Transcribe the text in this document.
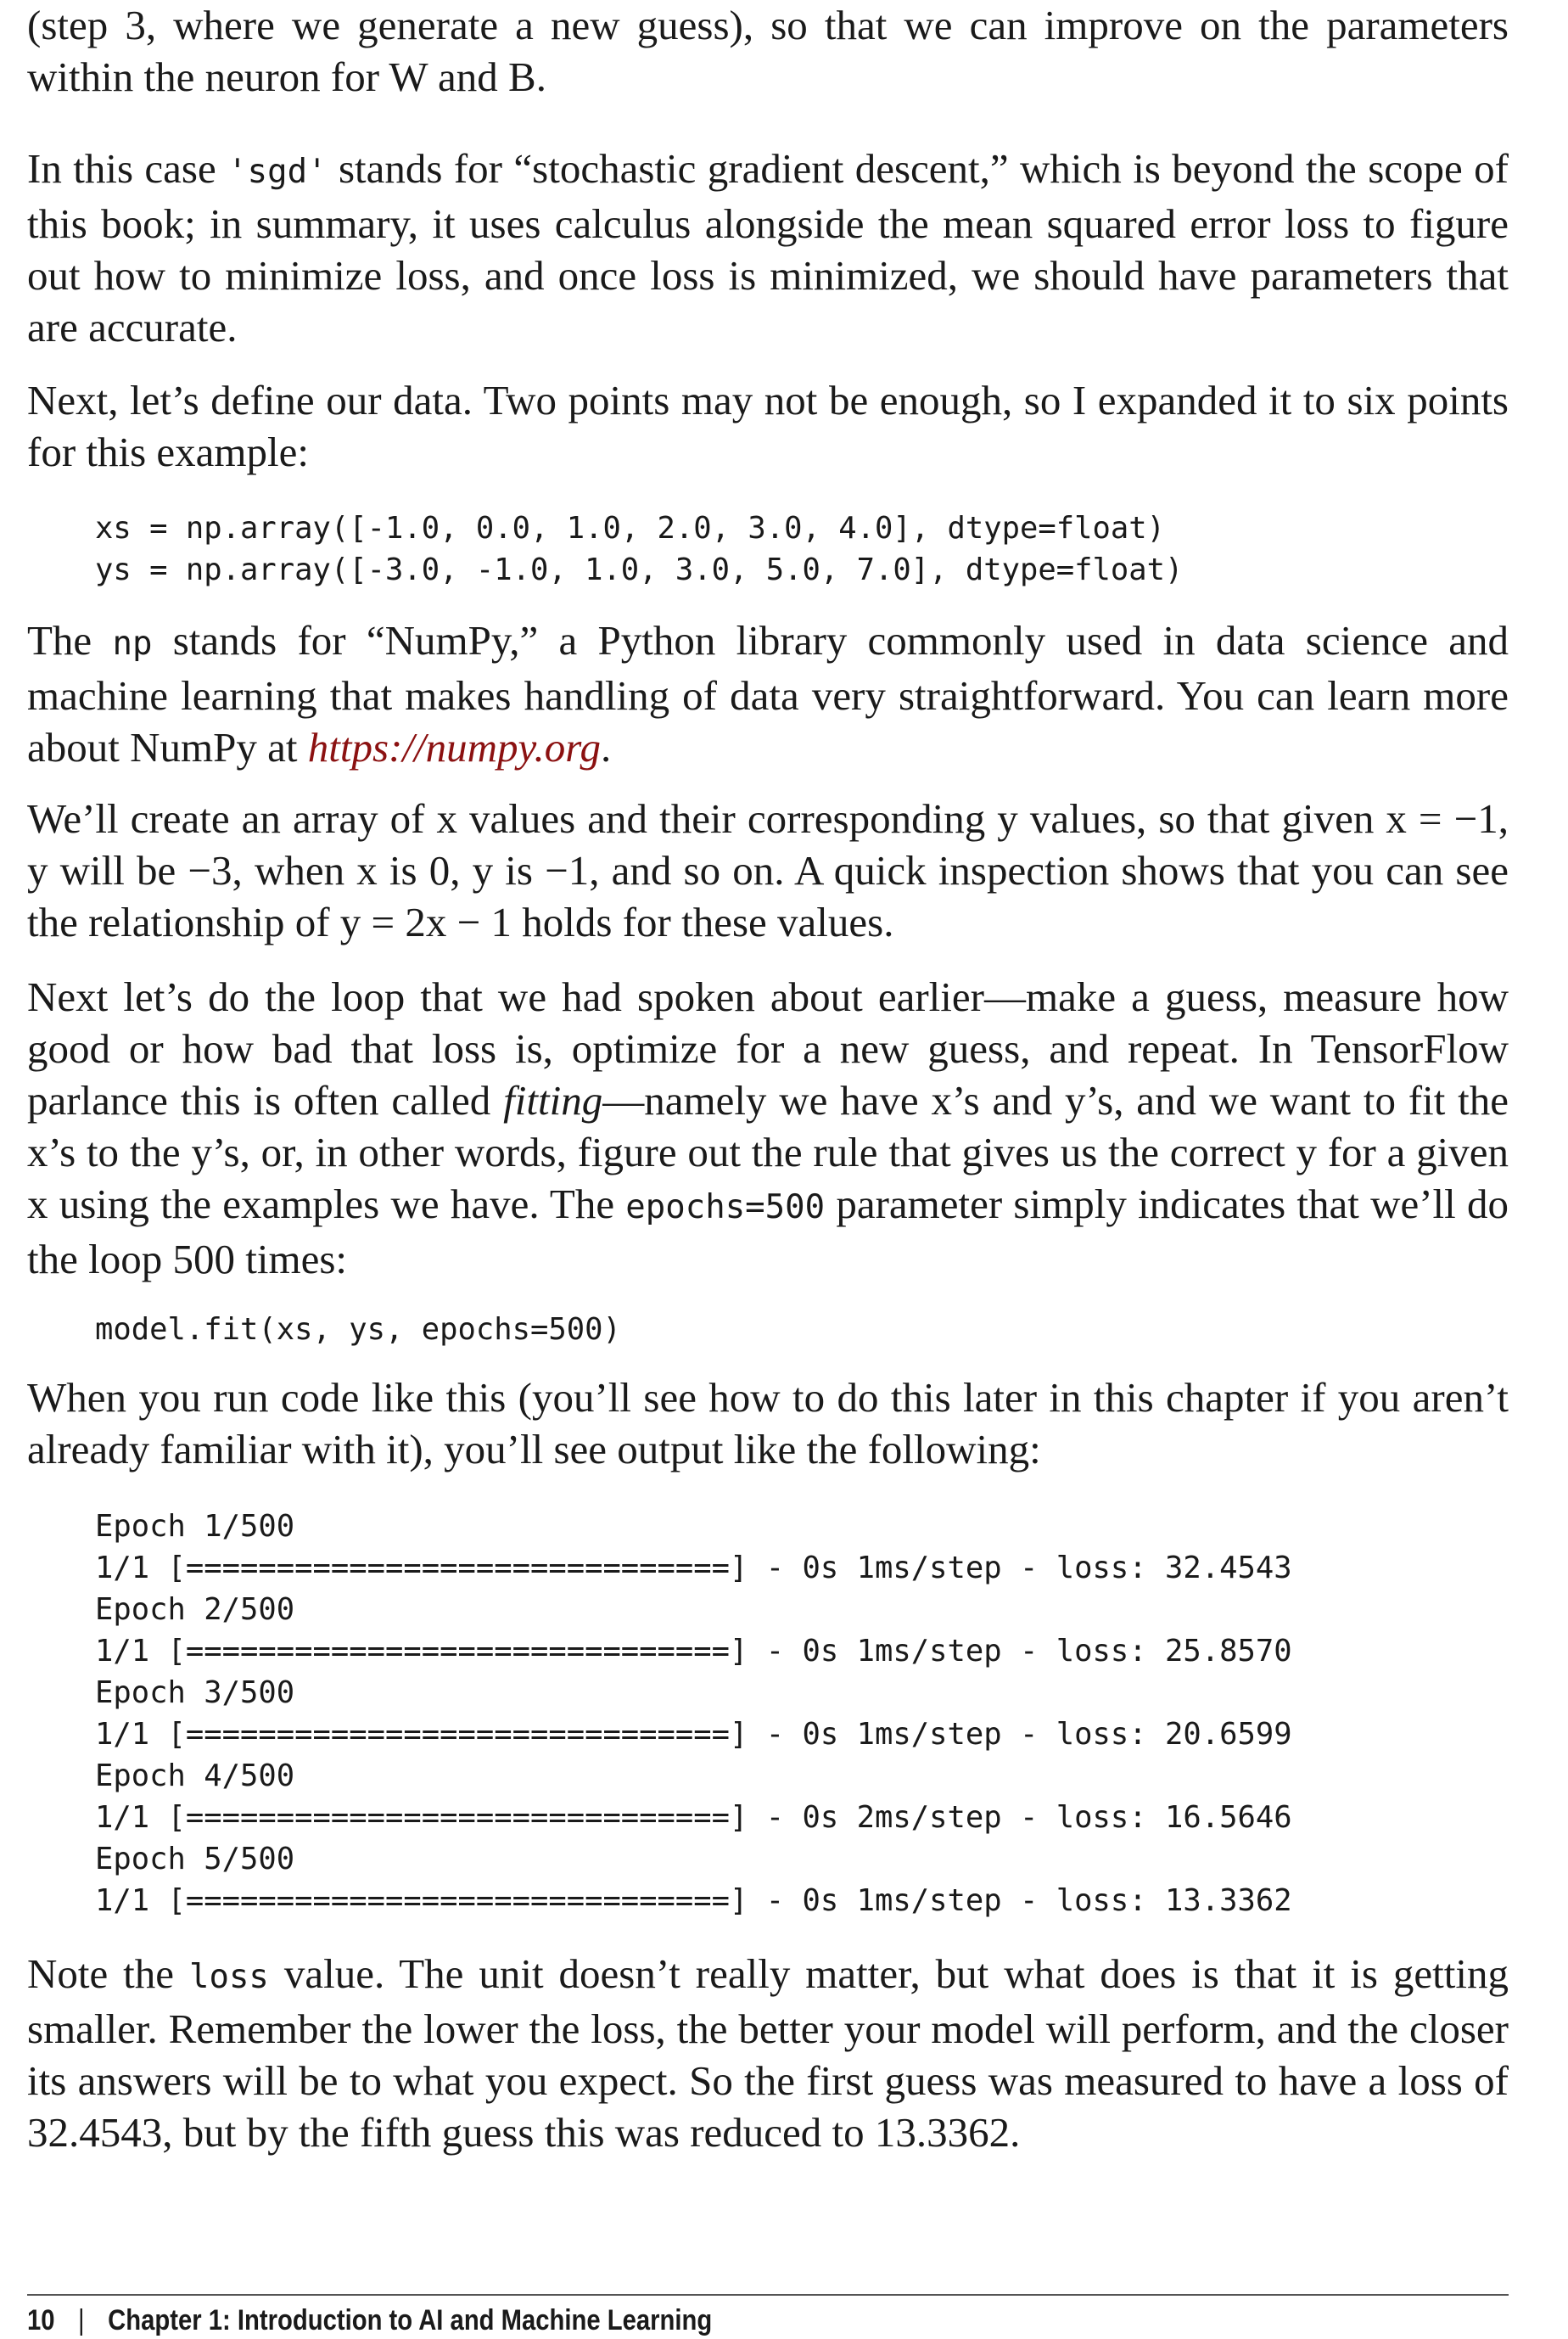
(step 3, where we generate a new guess), so that we can improve on the parameters within the neuron for W and B.

In this case 'sgd' stands for “stochastic gradient descent,” which is beyond the scope of this book; in summary, it uses calculus alongside the mean squared error loss to figure out how to minimize loss, and once loss is minimized, we should have parameters that are accurate.

Next, let’s define our data. Two points may not be enough, so I expanded it to six points for this example:

xs = np.array([-1.0, 0.0, 1.0, 2.0, 3.0, 4.0], dtype=float)
ys = np.array([-3.0, -1.0, 1.0, 3.0, 5.0, 7.0], dtype=float)

The np stands for “NumPy,” a Python library commonly used in data science and machine learning that makes handling of data very straightforward. You can learn more about NumPy at https://numpy.org.

We’ll create an array of x values and their corresponding y values, so that given x = −1, y will be −3, when x is 0, y is −1, and so on. A quick inspection shows that you can see the relationship of y = 2x − 1 holds for these values.

Next let’s do the loop that we had spoken about earlier—make a guess, measure how good or how bad that loss is, optimize for a new guess, and repeat. In TensorFlow parlance this is often called fitting—namely we have x’s and y’s, and we want to fit the x’s to the y’s, or, in other words, figure out the rule that gives us the correct y for a given x using the examples we have. The epochs=500 parameter simply indicates that we’ll do the loop 500 times:

model.fit(xs, ys, epochs=500)

When you run code like this (you’ll see how to do this later in this chapter if you aren’t already familiar with it), you’ll see output like the following:

Epoch 1/500
1/1 [==============================] - 0s 1ms/step - loss: 32.4543
Epoch 2/500
1/1 [==============================] - 0s 1ms/step - loss: 25.8570
Epoch 3/500
1/1 [==============================] - 0s 1ms/step - loss: 20.6599
Epoch 4/500
1/1 [==============================] - 0s 2ms/step - loss: 16.5646
Epoch 5/500
1/1 [==============================] - 0s 1ms/step - loss: 13.3362

Note the loss value. The unit doesn’t really matter, but what does is that it is getting smaller. Remember the lower the loss, the better your model will perform, and the closer its answers will be to what you expect. So the first guess was measured to have a loss of 32.4543, but by the fifth guess this was reduced to 13.3362.

10 | Chapter 1: Introduction to AI and Machine Learning
